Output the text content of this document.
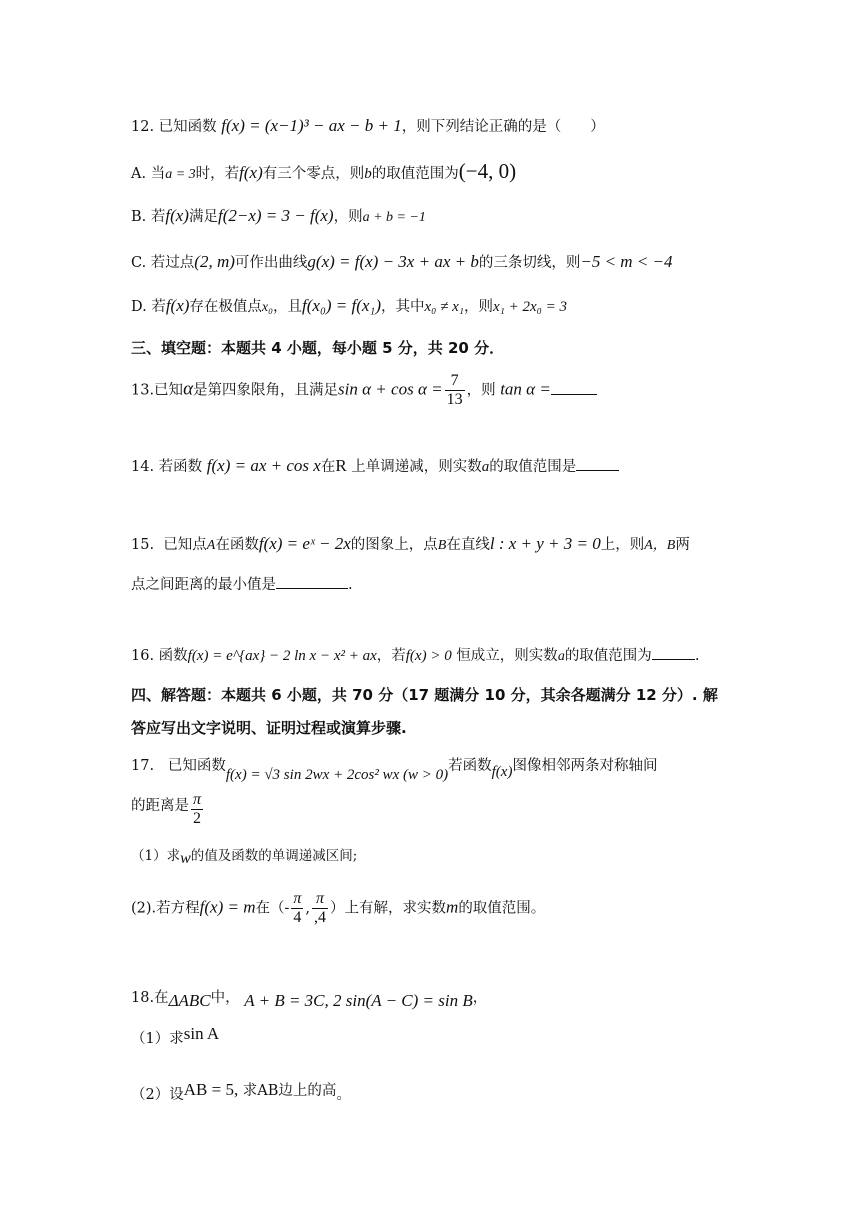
12. 已知函数 f(x) = (x−1)³ − ax − b + 1，则下列结论正确的是（　　）
A. 当a = 3时，若f(x)有三个零点，则b的取值范围为(−4, 0)
B. 若f(x)满足f(2−x) = 3 − f(x)，则a + b = −1
C. 若过点(2, m)可作出曲线g(x) = f(x) − 3x + ax + b的三条切线，则−5 < m < −4
D. 若f(x)存在极值点x₀，且f(x₀) = f(x₁)，其中x₀ ≠ x₁，则x₁ + 2x₀ = 3
三、填空题：本题共 4 小题，每小题 5 分，共 20 分．
13.已知α是第四象限角，且满足$\sin \alpha + \cos \alpha = \frac{7}{13}$ ，则 tan α =
14. 若函数 f(x) = ax + cos x在R 上单调递减，则实数a的取值范围是
15. 已知点A在函数f(x) = eˣ − 2x的图象上，点B在直线l : x + y + 3 = 0上，则A，B两
点之间距离的最小值是	.
16. 函数f(x) = e^{ax} − 2 ln x − x² + ax，若f(x) > 0 恒成立，则实数a的取值范围为	.
四、解答题：本题共 6 小题，共 70 分（17 题满分 10 分，其余各题满分 12 分）. 解
答应写出文字说明、证明过程或演算步骤.
17. 已知函数f(x) = √3 sin 2wx + 2cos² wx (w > 0)若函数f(x)图像相邻两条对称轴间
的距离是 $\frac{\pi}{2}$
（1）求w的值及函数的单调递减区间;
(2).若方程f(x) = m在（- $\frac{\pi}{4}$ , $\frac{\pi}{,4}$ ）上有解，求实数m的取值范围。
18.在ΔABC中， A + B = 3C, 2 sin(A − C) = sin B，
（1）求sin A
（2）设AB = 5, 求AB边上的高。
